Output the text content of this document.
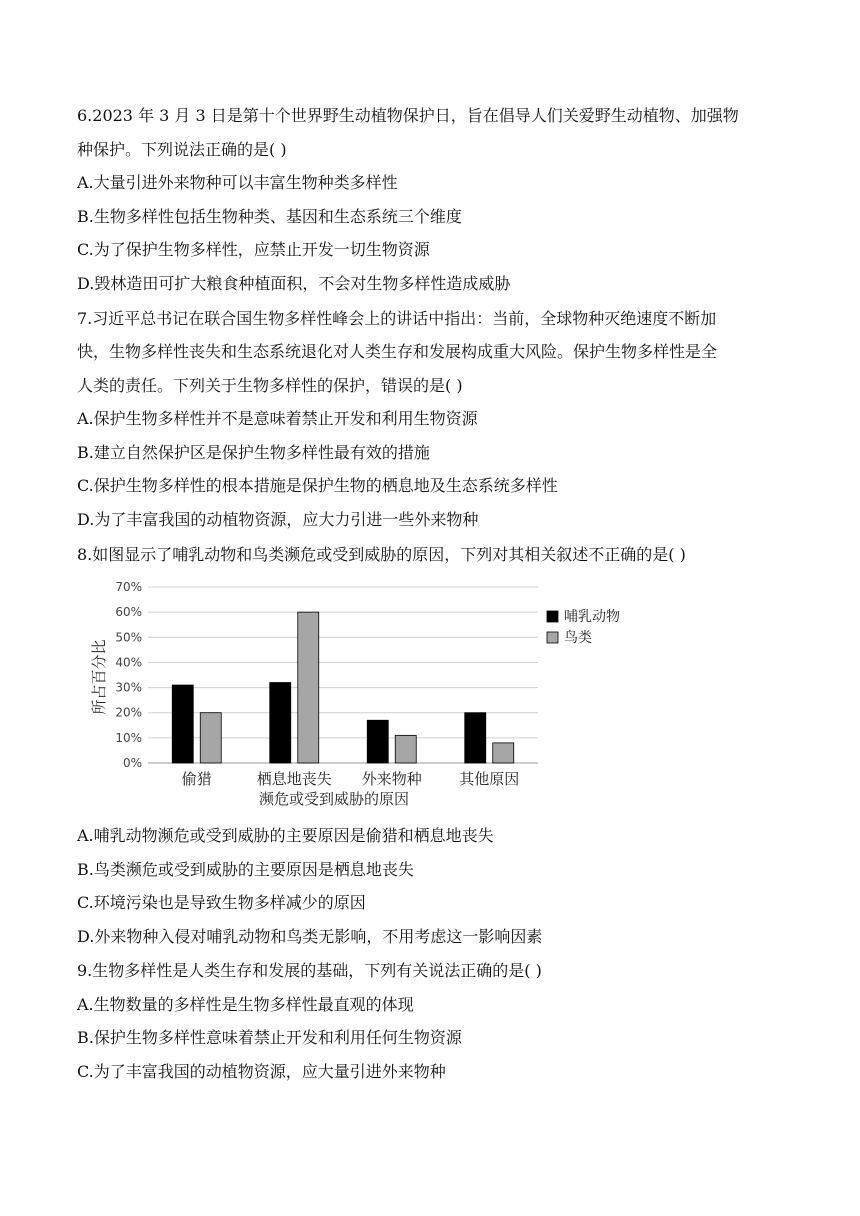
6.2023 年 3 月 3 日是第十个世界野生动植物保护日，旨在倡导人们关爱野生动植物、加强物
种保护。下列说法正确的是( )
A.大量引进外来物种可以丰富生物种类多样性
B.生物多样性包括生物种类、基因和生态系统三个维度
C.为了保护生物多样性，应禁止开发一切生物资源
D.毁林造田可扩大粮食种植面积，不会对生物多样性造成威胁
7.习近平总书记在联合国生物多样性峰会上的讲话中指出：当前，全球物种灭绝速度不断加
快，生物多样性丧失和生态系统退化对人类生存和发展构成重大风险。保护生物多样性是全
人类的责任。下列关于生物多样性的保护，错误的是( )
A.保护生物多样性并不是意味着禁止开发和利用生物资源
B.建立自然保护区是保护生物多样性最有效的措施
C.保护生物多样性的根本措施是保护生物的栖息地及生态系统多样性
D.为了丰富我国的动植物资源，应大力引进一些外来物种
8.如图显示了哺乳动物和鸟类濒危或受到威胁的原因，下列对其相关叙述不正确的是( )
0%
10%
20%
30%
40%
50%
60%
70%
偷猎	栖息地丧失 外来物种 其他原因
所占百分比
濒危或受到威胁的原因
哺乳动物
鸟类
A.哺乳动物濒危或受到威胁的主要原因是偷猎和栖息地丧失
B.鸟类濒危或受到威胁的主要原因是栖息地丧失
C.环境污染也是导致生物多样减少的原因
D.外来物种入侵对哺乳动物和鸟类无影响，不用考虑这一影响因素
9.生物多样性是人类生存和发展的基础，下列有关说法正确的是( )
A.生物数量的多样性是生物多样性最直观的体现
B.保护生物多样性意味着禁止开发和利用任何生物资源
C.为了丰富我国的动植物资源，应大量引进外来物种
